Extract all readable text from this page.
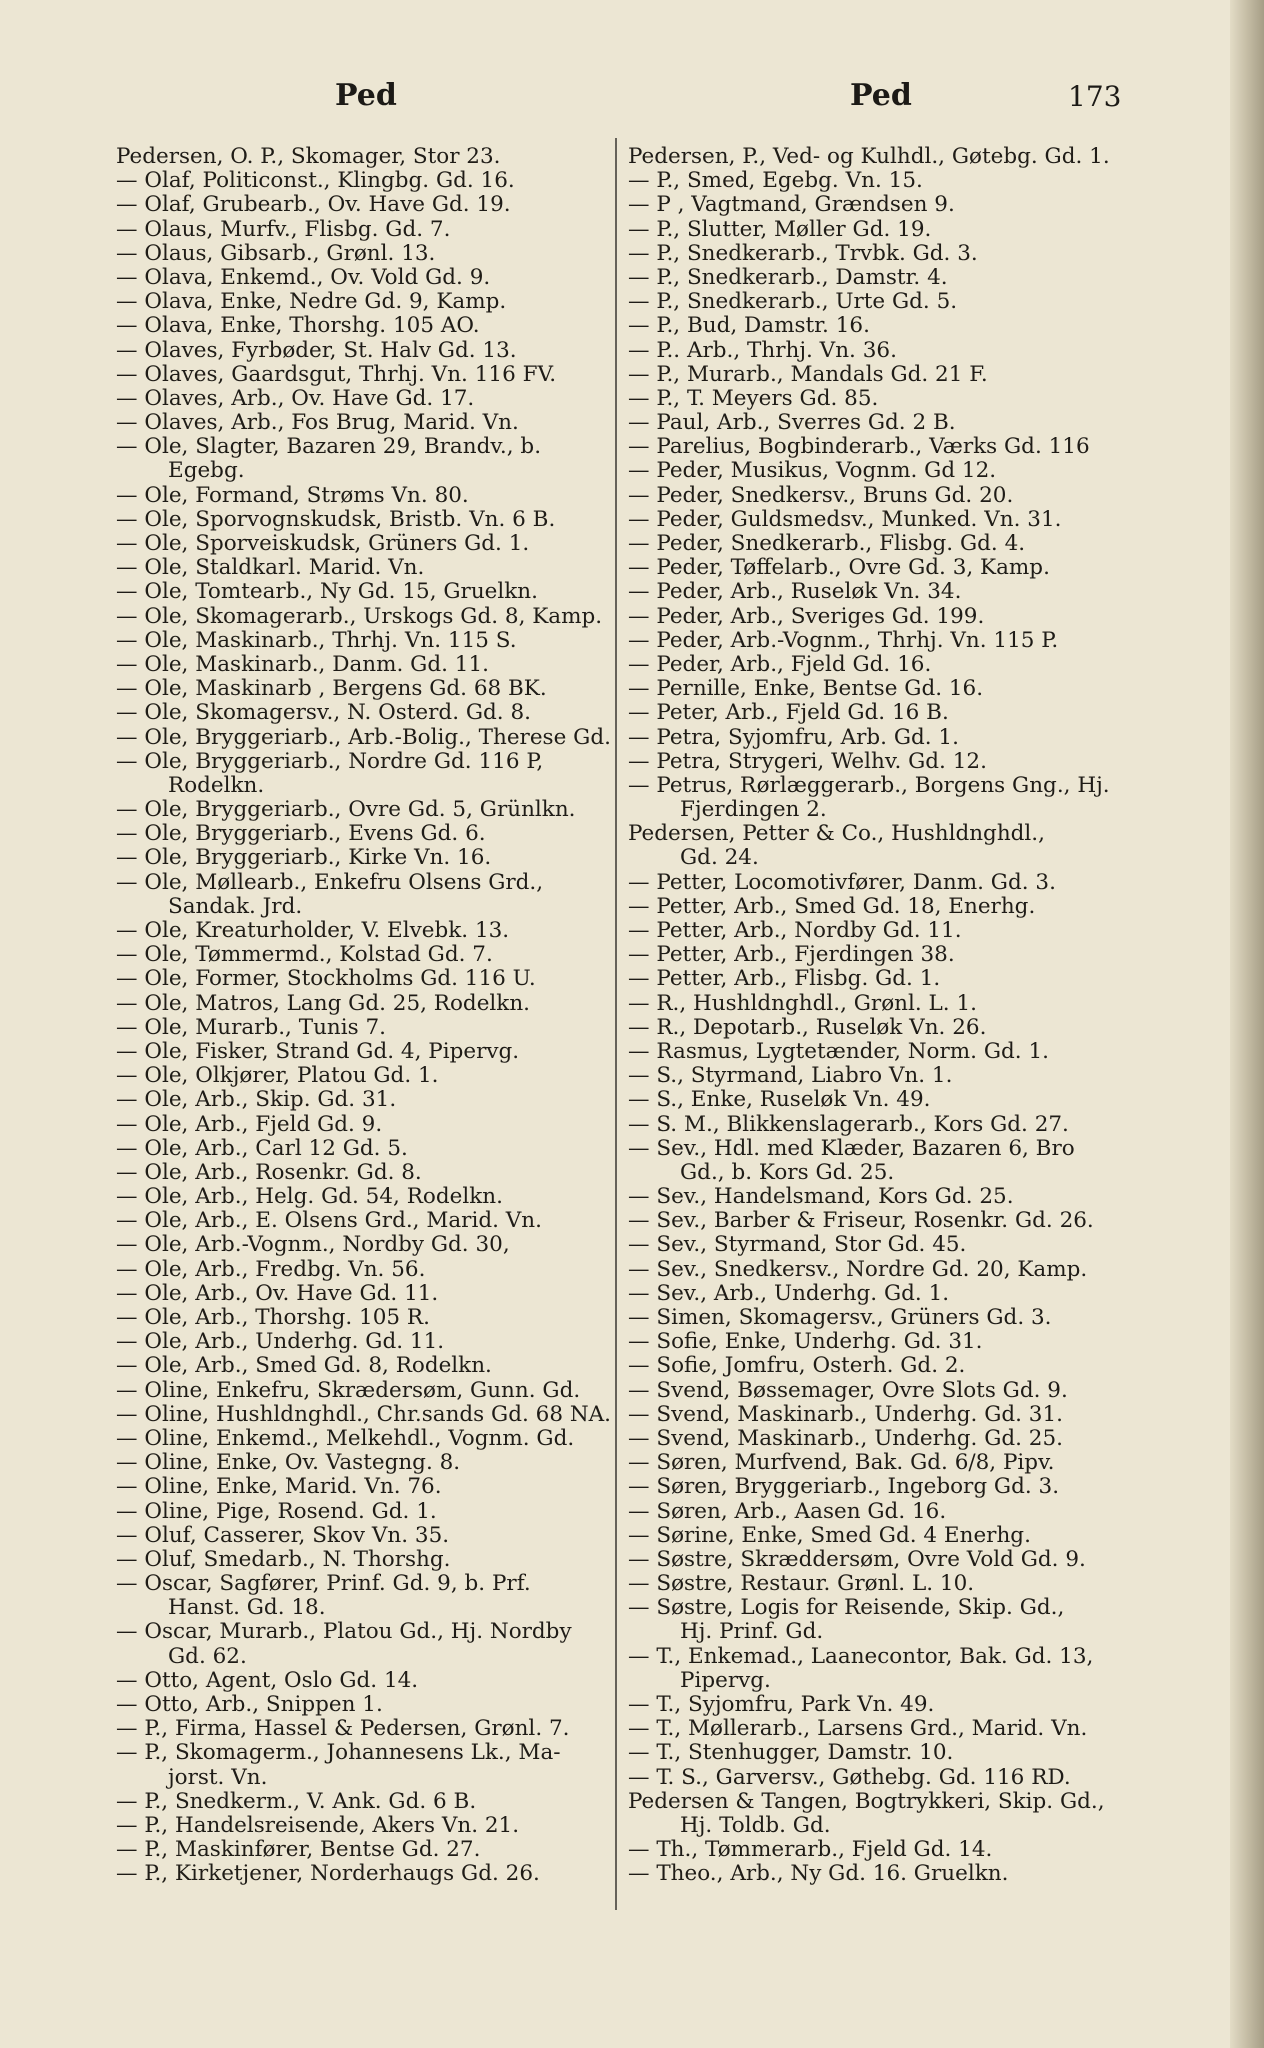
Ped	Ped	173
Pedersen, O. P., Skomager, Stor 23.
— Olaf, Politiconst., Klingbg. Gd. 16.
— Olaf, Grubearb., Ov. Have Gd. 19.
— Olaus, Murfv., Flisbg. Gd. 7.
— Olaus, Gibsarb., Grønl. 13.
— Olava, Enkemd., Ov. Vold Gd. 9.
— Olava, Enke, Nedre Gd. 9, Kamp.
— Olava, Enke, Thorshg. 105 AO.
— Olaves, Fyrbøder, St. Halv Gd. 13.
— Olaves, Gaardsgut, Thrhj. Vn. 116 FV.
— Olaves, Arb., Ov. Have Gd. 17.
— Olaves, Arb., Fos Brug, Marid. Vn.
— Ole, Slagter, Bazaren 29, Brandv., b.
Egebg.
— Ole, Formand, Strøms Vn. 80.
— Ole, Sporvognskudsk, Bristb. Vn. 6 B.
— Ole, Sporveiskudsk, Grüners Gd. 1.
— Ole, Staldkarl. Marid. Vn.
— Ole, Tomtearb., Ny Gd. 15, Gruelkn.
— Ole, Skomagerarb., Urskogs Gd. 8, Kamp.
— Ole, Maskinarb., Thrhj. Vn. 115 S.
— Ole, Maskinarb., Danm. Gd. 11.
— Ole, Maskinarb , Bergens Gd. 68 BK.
— Ole, Skomagersv., N. Osterd. Gd. 8.
— Ole, Bryggeriarb., Arb.-Bolig., Therese Gd.
— Ole, Bryggeriarb., Nordre Gd. 116 P,
Rodelkn.
— Ole, Bryggeriarb., Ovre Gd. 5, Grünlkn.
— Ole, Bryggeriarb., Evens Gd. 6.
— Ole, Bryggeriarb., Kirke Vn. 16.
— Ole, Møllearb., Enkefru Olsens Grd.,
Sandak. Jrd.
— Ole, Kreaturholder, V. Elvebk. 13.
— Ole, Tømmermd., Kolstad Gd. 7.
— Ole, Former, Stockholms Gd. 116 U.
— Ole, Matros, Lang Gd. 25, Rodelkn.
— Ole, Murarb., Tunis 7.
— Ole, Fisker, Strand Gd. 4, Pipervg.
— Ole, Olkjører, Platou Gd. 1.
— Ole, Arb., Skip. Gd. 31.
— Ole, Arb., Fjeld Gd. 9.
— Ole, Arb., Carl 12 Gd. 5.
— Ole, Arb., Rosenkr. Gd. 8.
— Ole, Arb., Helg. Gd. 54, Rodelkn.
— Ole, Arb., E. Olsens Grd., Marid. Vn.
— Ole, Arb.-Vognm., Nordby Gd. 30,
— Ole, Arb., Fredbg. Vn. 56.
— Ole, Arb., Ov. Have Gd. 11.
— Ole, Arb., Thorshg. 105 R.
— Ole, Arb., Underhg. Gd. 11.
— Ole, Arb., Smed Gd. 8, Rodelkn.
— Oline, Enkefru, Skrædersøm, Gunn. Gd.
— Oline, Hushldnghdl., Chr.sands Gd. 68 NA.
— Oline, Enkemd., Melkehdl., Vognm. Gd.
— Oline, Enke, Ov. Vastegng. 8.
— Oline, Enke, Marid. Vn. 76.
— Oline, Pige, Rosend. Gd. 1.
— Oluf, Casserer, Skov Vn. 35.
— Oluf, Smedarb., N. Thorshg.
— Oscar, Sagfører, Prinf. Gd. 9, b. Prf.
Hanst. Gd. 18.
— Oscar, Murarb., Platou Gd., Hj. Nordby
Gd. 62.
— Otto, Agent, Oslo Gd. 14.
— Otto, Arb., Snippen 1.
— P., Firma, Hassel & Pedersen, Grønl. 7.
— P., Skomagerm., Johannesens Lk., Ma-
jorst. Vn.
— P., Snedkerm., V. Ank. Gd. 6 B.
— P., Handelsreisende, Akers Vn. 21.
— P., Maskinfører, Bentse Gd. 27.
— P., Kirketjener, Norderhaugs Gd. 26.
Pedersen, P., Ved- og Kulhdl., Gøtebg. Gd. 1.
— P., Smed, Egebg. Vn. 15.
— P , Vagtmand, Grændsen 9.
— P., Slutter, Møller Gd. 19.
— P., Snedkerarb., Trvbk. Gd. 3.
— P., Snedkerarb., Damstr. 4.
— P., Snedkerarb., Urte Gd. 5.
— P., Bud, Damstr. 16.
— P.. Arb., Thrhj. Vn. 36.
— P., Murarb., Mandals Gd. 21 F.
— P., T. Meyers Gd. 85.
— Paul, Arb., Sverres Gd. 2 B.
— Parelius, Bogbinderarb., Værks Gd. 116
— Peder, Musikus, Vognm. Gd 12.
— Peder, Snedkersv., Bruns Gd. 20.
— Peder, Guldsmedsv., Munked. Vn. 31.
— Peder, Snedkerarb., Flisbg. Gd. 4.
— Peder, Tøffelarb., Ovre Gd. 3, Kamp.
— Peder, Arb., Ruseløk Vn. 34.
— Peder, Arb., Sveriges Gd. 199.
— Peder, Arb.-Vognm., Thrhj. Vn. 115 P.
— Peder, Arb., Fjeld Gd. 16.
— Pernille, Enke, Bentse Gd. 16.
— Peter, Arb., Fjeld Gd. 16 B.
— Petra, Syjomfru, Arb. Gd. 1.
— Petra, Strygeri, Welhv. Gd. 12.
— Petrus, Rørlæggerarb., Borgens Gng., Hj.
Fjerdingen 2.
Pedersen, Petter & Co., Hushldnghdl.,
Gd. 24.
— Petter, Locomotivfører, Danm. Gd. 3.
— Petter, Arb., Smed Gd. 18, Enerhg.
— Petter, Arb., Nordby Gd. 11.
— Petter, Arb., Fjerdingen 38.
— Petter, Arb., Flisbg. Gd. 1.
— R., Hushldnghdl., Grønl. L. 1.
— R., Depotarb., Ruseløk Vn. 26.
— Rasmus, Lygtetænder, Norm. Gd. 1.
— S., Styrmand, Liabro Vn. 1.
— S., Enke, Ruseløk Vn. 49.
— S. M., Blikkenslagerarb., Kors Gd. 27.
— Sev., Hdl. med Klæder, Bazaren 6, Bro
Gd., b. Kors Gd. 25.
— Sev., Handelsmand, Kors Gd. 25.
— Sev., Barber & Friseur, Rosenkr. Gd. 26.
— Sev., Styrmand, Stor Gd. 45.
— Sev., Snedkersv., Nordre Gd. 20, Kamp.
— Sev., Arb., Underhg. Gd. 1.
— Simen, Skomagersv., Grüners Gd. 3.
— Sofie, Enke, Underhg. Gd. 31.
— Sofie, Jomfru, Osterh. Gd. 2.
— Svend, Bøssemager, Ovre Slots Gd. 9.
— Svend, Maskinarb., Underhg. Gd. 31.
— Svend, Maskinarb., Underhg. Gd. 25.
— Søren, Murfvend, Bak. Gd. 6/8, Pipv.
— Søren, Bryggeriarb., Ingeborg Gd. 3.
— Søren, Arb., Aasen Gd. 16.
— Sørine, Enke, Smed Gd. 4 Enerhg.
— Søstre, Skræddersøm, Ovre Vold Gd. 9.
— Søstre, Restaur. Grønl. L. 10.
— Søstre, Logis for Reisende, Skip. Gd.,
Hj. Prinf. Gd.
— T., Enkemad., Laanecontor, Bak. Gd. 13,
Pipervg.
— T., Syjomfru, Park Vn. 49.
— T., Møllerarb., Larsens Grd., Marid. Vn.
— T., Stenhugger, Damstr. 10.
— T. S., Garversv., Gøthebg. Gd. 116 RD.
Pedersen & Tangen, Bogtrykkeri, Skip. Gd.,
Hj. Toldb. Gd.
— Th., Tømmerarb., Fjeld Gd. 14.
— Theo., Arb., Ny Gd. 16. Gruelkn.
